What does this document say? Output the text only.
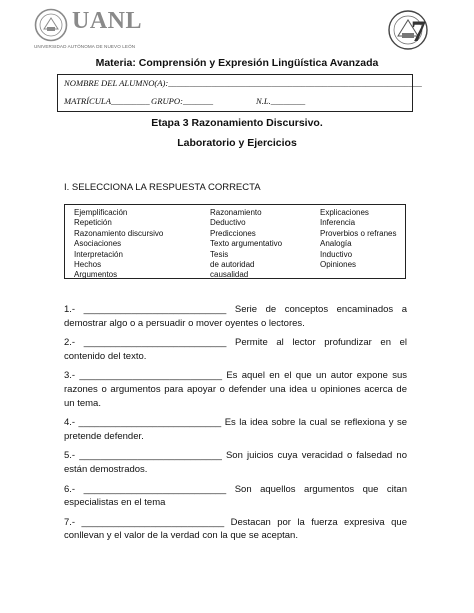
UANL
UNIVERSIDAD AUTÓNOMA DE NUEVO LEÓN	7
Materia: Comprensión y Expresión Lingüística Avanzada
NOMBRE DEL ALUMNO(A):___________________________________________________________
MATRÍCULA_________ GRUPO:_______	N.L.________
Etapa 3 Razonamiento Discursivo.
Laboratorio y Ejercicios
I. SELECCIONA LA RESPUESTA CORRECTA
Ejemplificación
Repetición
Razonamiento discursivo
Asociaciones
Interpretación
Hechos
Argumentos
Razonamiento
Deductivo
Predicciones
Texto argumentativo
Tesis
de autoridad
causalidad
Explicaciones
Inferencia
Proverbios o refranes
Analogía
Inductivo
Opiniones
1.- ___________________________ Serie de conceptos encaminados a demostrar algo o a persuadir o mover oyentes o lectores.
2.- ___________________________ Permite al lector profundizar en el contenido del texto.
3.- ___________________________ Es aquel en el que un autor expone sus razones o argumentos para apoyar o defender una idea u opiniones acerca de un tema.
4.- ___________________________ Es la idea sobre la cual se reflexiona y se pretende defender.
5.- ___________________________ Son juicios cuya veracidad o falsedad no están demostrados.
6.- ___________________________ Son aquellos argumentos que citan especialistas en el tema
7.- ___________________________ Destacan por la fuerza expresiva que conllevan y el valor de la verdad con la que se aceptan.
